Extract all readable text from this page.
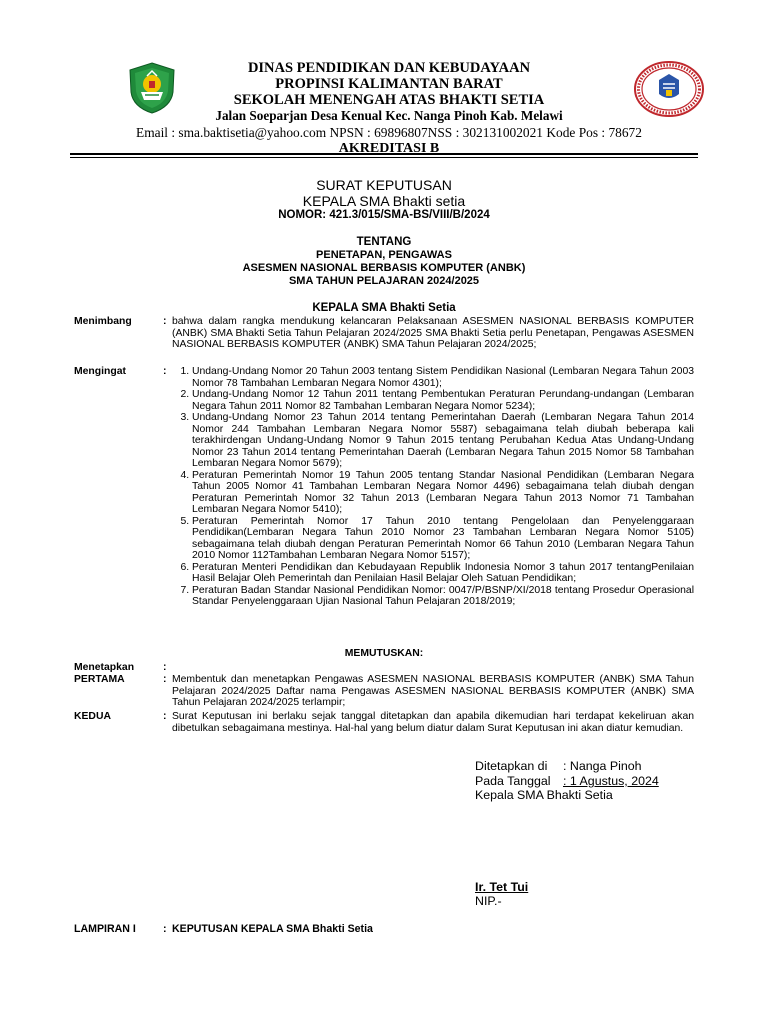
DINAS PENDIDIKAN DAN KEBUDAYAAN
PROPINSI KALIMANTAN BARAT
SEKOLAH MENENGAH ATAS BHAKTI SETIA
Jalan Soeparjan Desa Kenual Kec. Nanga Pinoh Kab. Melawi
Email : sma.baktisetia@yahoo.com NPSN : 69896807NSS : 302131002021 Kode Pos : 78672
AKREDITASI B
SURAT KEPUTUSAN
KEPALA SMA Bhakti setia
NOMOR: 421.3/015/SMA-BS/VIII/B/2024
TENTANG
PENETAPAN, PENGAWAS
ASESMEN NASIONAL BERBASIS KOMPUTER (ANBK)
SMA TAHUN PELAJARAN 2024/2025
KEPALA SMA Bhakti Setia
Menimbang	: bahwa dalam rangka mendukung kelancaran Pelaksanaan ASESMEN NASIONAL BERBASIS KOMPUTER (ANBK) SMA Bhakti Setia Tahun Pelajaran 2024/2025 SMA Bhakti Setia perlu Penetapan, Pengawas ASESMEN NASIONAL BERBASIS KOMPUTER (ANBK) SMA Tahun Pelajaran 2024/2025;
Mengingat	:
1.	Undang-Undang Nomor 20 Tahun 2003 tentang Sistem Pendidikan Nasional (Lembaran Negara Tahun 2003 Nomor 78 Tambahan Lembaran Negara Nomor 4301);
2. Undang-Undang Nomor 12 Tahun 2011 tentang Pembentukan Peraturan Perundang-undangan (Lembaran Negara Tahun 2011 Nomor 82 Tambahan Lembaran Negara Nomor 5234);
3. Undang-Undang Nomor 23 Tahun 2014 tentang Pemerintahan Daerah (Lembaran Negara Tahun 2014 Nomor 244 Tambahan Lembaran Negara Nomor 5587) sebagaimana telah diubah beberapa kali terakhirdengan Undang-Undang Nomor 9 Tahun 2015 tentang Perubahan Kedua Atas Undang-Undang Nomor 23 Tahun 2014 tentang Pemerintahan Daerah (Lembaran Negara Tahun 2015 Nomor 58 Tambahan Lembaran Negara Nomor 5679);
4. Peraturan Pemerintah Nomor 19 Tahun 2005 tentang Standar Nasional Pendidikan (Lembaran Negara Tahun 2005 Nomor 41 Tambahan Lembaran Negara Nomor 4496) sebagaimana telah diubah dengan Peraturan Pemerintah Nomor 32 Tahun 2013 (Lembaran Negara Tahun 2013 Nomor 71 Tambahan Lembaran Negara Nomor 5410);
5. Peraturan Pemerintah Nomor 17 Tahun 2010 tentang Pengelolaan dan Penyelenggaraan Pendidikan(Lembaran Negara Tahun 2010 Nomor 23 Tambahan Lembaran Negara Nomor 5105) sebagaimana telah diubah dengan Peraturan Pemerintah Nomor 66 Tahun 2010 (Lembaran Negara Tahun 2010 Nomor 112Tambahan Lembaran Negara Nomor 5157);
6. Peraturan Menteri Pendidikan dan Kebudayaan Republik Indonesia Nomor 3 tahun 2017 tentangPenilaian Hasil Belajar Oleh Pemerintah dan Penilaian Hasil Belajar Oleh Satuan Pendidikan;
7. Peraturan Badan Standar Nasional Pendidikan Nomor: 0047/P/BSNP/XI/2018 tentang Prosedur Operasional Standar Penyelenggaraan Ujian Nasional Tahun Pelajaran 2018/2019;
MEMUTUSKAN:
Menetapkan	:
PERTAMA	: Membentuk dan menetapkan Pengawas ASESMEN NASIONAL BERBASIS KOMPUTER (ANBK) SMA Tahun Pelajaran 2024/2025 Daftar nama Pengawas ASESMEN NASIONAL BERBASIS KOMPUTER (ANBK) SMA Tahun Pelajaran 2024/2025 terlampir;
KEDUA	: Surat Keputusan ini berlaku sejak tanggal ditetapkan dan apabila dikemudian hari terdapat kekeliruan akan dibetulkan sebagaimana mestinya. Hal-hal yang belum diatur dalam Surat Keputusan ini akan diatur kemudian.
Ditetapkan di : Nanga Pinoh
Pada Tanggal : 1 Agustus, 2024
Kepala SMA Bhakti Setia
Ir. Tet Tui
NIP.-
LAMPIRAN I	: KEPUTUSAN KEPALA SMA Bhakti Setia
